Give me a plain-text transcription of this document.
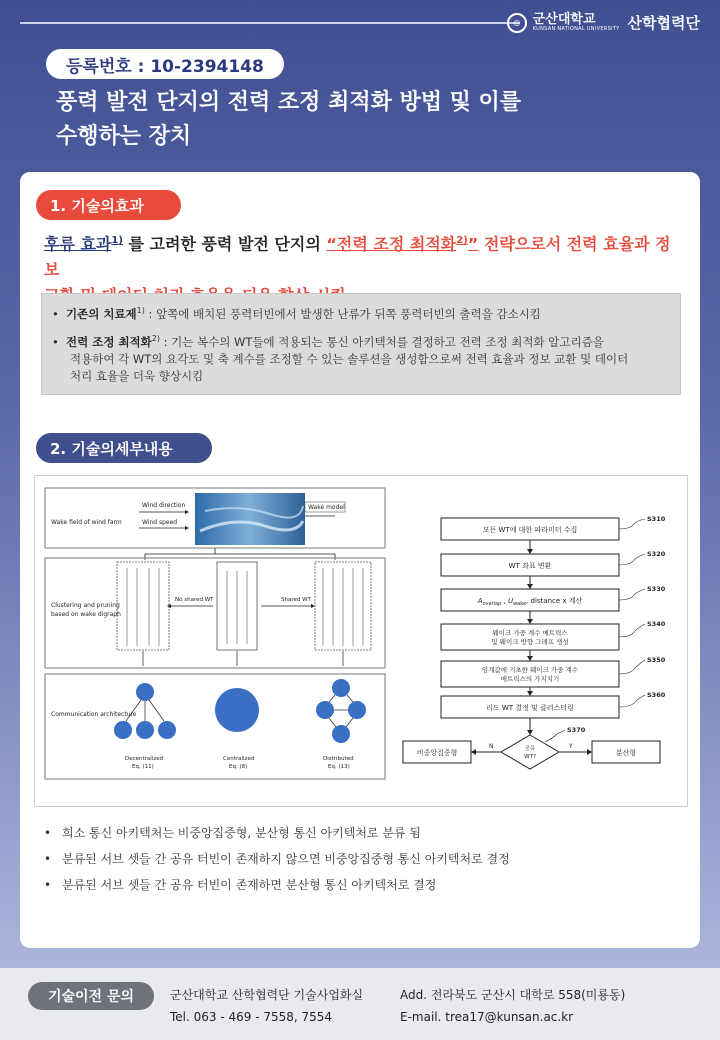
◎ 군산대학교
KUNSAN NATIONAL UNIVERSITY 산학협력단
등록번호 : 10-2394148
풍력 발전 단지의 전력 조정 최적화 방법 및 이를
수행하는 장치
1. 기술의효과
후류 효과$^{1)}$ 를 고려한 풍력 발전 단지의 “전력 조정 최적화$^{2)}$” 전략으로서 전력 효율과 정보

• 기존의 치료제$^{1)}$ : 앞쪽에 배치된 풍력터빈에서 발생한 난류가 뒤쪽 풍력터빈의 출력을 감소시킴
• 전력 조정 최적화$^{2)}$ : 기는 복수의 WT들에 적용되는 통신 아키텍처를 결정하고 전력 조정 최적화 알고리즘을
적용하여 각 WT의 요각도 및 축 계수를 조정할 수 있는 솔루션을 생성함으로써 전력 효율과 정보 교환 및 데이터
처리 효율을 더욱 향상시킴
2. 기술의세부내용
Wake field of wind farm
Wind direction
Wind speed
Wake model
Clustering and pruning
based on wake digraph
No shared WT	Shared WT
Communication architecture
Decentralized
Eq. (11)
Centralized
Eq. (8)
Distributed
Eq. (13)
모든 WT에 대한 파라미터 수집
WT 좌표 변환
$A_{overlap}$ , $U_{wake}$, distance x 계산
웨이크 가중 계수 메트릭스
및 웨이크 방향 그래프 생성
임계값에 기초한 웨이크 가중 계수
메트릭스의 가지치기
리드 WT 결정 및 클러스터링
공유
WT?
N	Y
비중앙집중형	분산형
S310
S320
S330
S340
S350
S360
S370
• 희소 통신 아키텍처는 비중앙집중형, 분산형 통신 아키텍처로 분류 됨
• 분류된 서브 셋들 간 공유 터빈이 존재하지 않으면 비중앙집중형 통신 아키텍처로 결정
• 분류된 서브 셋들 간 공유 터빈이 존재하면 분산형 통신 아키텍처로 결정
기술이전 문의	군산대학교 산학협력단 기술사업화실
Tel. 063 - 469 - 7558, 7554
Add. 전라북도 군산시 대학로 558(미룡동)
E-mail. trea17@kunsan.ac.kr
